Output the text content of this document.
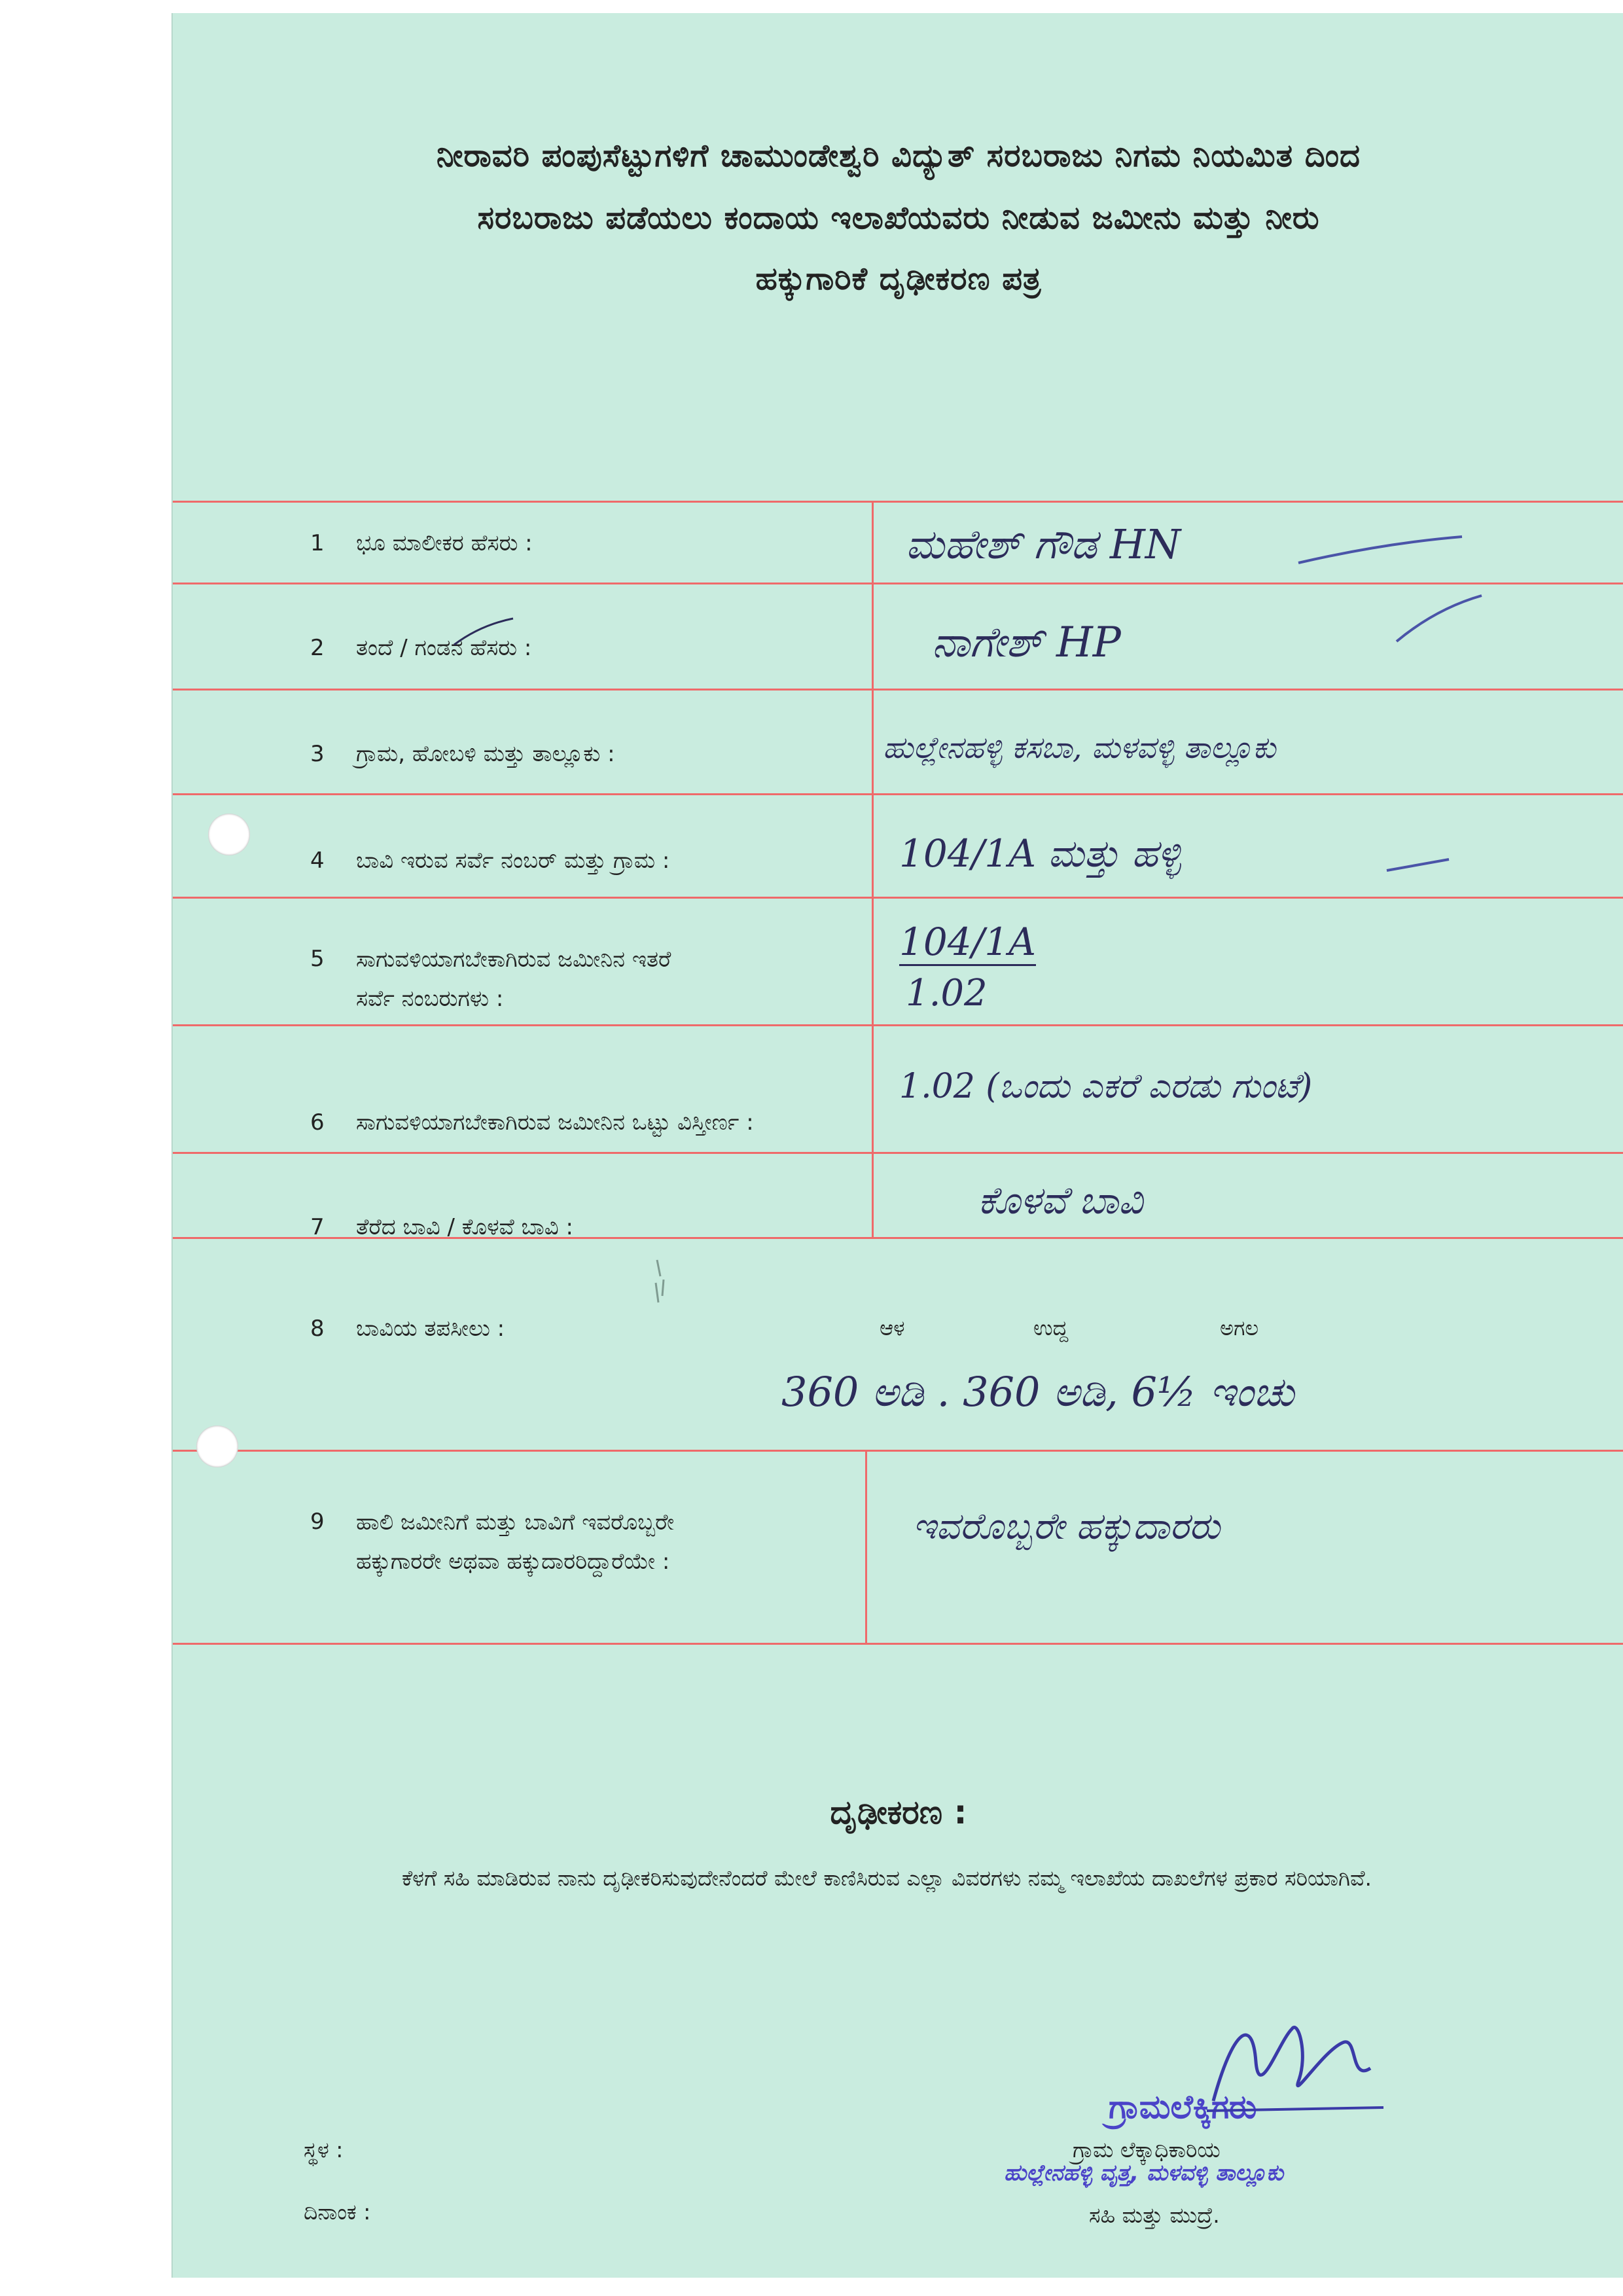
ನೀರಾವರಿ ಪಂಪುಸೆಟ್ಟುಗಳಿಗೆ ಚಾಮುಂಡೇಶ್ವರಿ ವಿದ್ಯುತ್ ಸರಬರಾಜು ನಿಗಮ ನಿಯಮಿತ ದಿಂದ
ಸರಬರಾಜು ಪಡೆಯಲು ಕಂದಾಯ ಇಲಾಖೆಯವರು ನೀಡುವ ಜಮೀನು ಮತ್ತು ನೀರು
ಹಕ್ಕುಗಾರಿಕೆ ದೃಢೀಕರಣ ಪತ್ರ
1 ಭೂ ಮಾಲೀಕರ ಹೆಸರು :	ಮಹೇಶ್ ಗೌಡ HN
2 ತಂದೆ / ಗಂಡನ ಹೆಸರು :	ನಾಗೇಶ್ HP
3 ಗ್ರಾಮ, ಹೋಬಳಿ ಮತ್ತು ತಾಲ್ಲೂಕು :	ಹುಲ್ಲೇನಹಳ್ಳಿ ಕಸಬಾ, ಮಳವಳ್ಳಿ ತಾಲ್ಲೂಕು
4 ಬಾವಿ ಇರುವ ಸರ್ವೆ ನಂಬರ್ ಮತ್ತು ಗ್ರಾಮ :	104/1A ಮತ್ತು ಹಳ್ಳಿ
5 ಸಾಗುವಳಿಯಾಗಬೇಕಾಗಿರುವ ಜಮೀನಿನ ಇತರೆ
ಸರ್ವೆ ನಂಬರುಗಳು :
104/1A
1.02
6 ಸಾಗುವಳಿಯಾಗಬೇಕಾಗಿರುವ ಜಮೀನಿನ ಒಟ್ಟು ವಿಸ್ತೀರ್ಣ :
1.02 (ಒಂದು ಎಕರೆ ಎರಡು ಗುಂಟೆ)
7 ತೆರೆದ ಬಾವಿ / ಕೊಳವೆ ಬಾವಿ :
ಕೊಳವೆ ಬಾವಿ
8 ಬಾವಿಯ ತಪಸೀಲು :	ಆಳ	ಉದ್ದ	ಅಗಲ
360 ಅಡಿ . 360 ಅಡಿ, 6½ ಇಂಚು
9 ಹಾಲಿ ಜಮೀನಿಗೆ ಮತ್ತು ಬಾವಿಗೆ ಇವರೊಬ್ಬರೇ
ಹಕ್ಕುಗಾರರೇ ಅಥವಾ ಹಕ್ಕುದಾರರಿದ್ದಾರೆಯೇ :
ಇವರೊಬ್ಬರೇ ಹಕ್ಕುದಾರರು
ದೃಢೀಕರಣ :
ಕೆಳಗೆ ಸಹಿ ಮಾಡಿರುವ ನಾನು ದೃಢೀಕರಿಸುವುದೇನೆಂದರೆ ಮೇಲೆ ಕಾಣಿಸಿರುವ ಎಲ್ಲಾ ವಿವರಗಳು ನಮ್ಮ ಇಲಾಖೆಯ ದಾಖಲೆಗಳ ಪ್ರಕಾರ ಸರಿಯಾಗಿವೆ.
ಸ್ಥಳ :
ದಿನಾಂಕ :
ಗ್ರಾಮ ಲೆಕ್ಕಾಧಿಕಾರಿಯ
ಸಹಿ ಮತ್ತು ಮುದ್ರೆ.
ಗ್ರಾಮಲೆಕ್ಕಿಗರು
ಹುಲ್ಲೇನಹಳ್ಳಿ ವೃತ್ತ, ಮಳವಳ್ಳಿ ತಾಲ್ಲೂಕು
